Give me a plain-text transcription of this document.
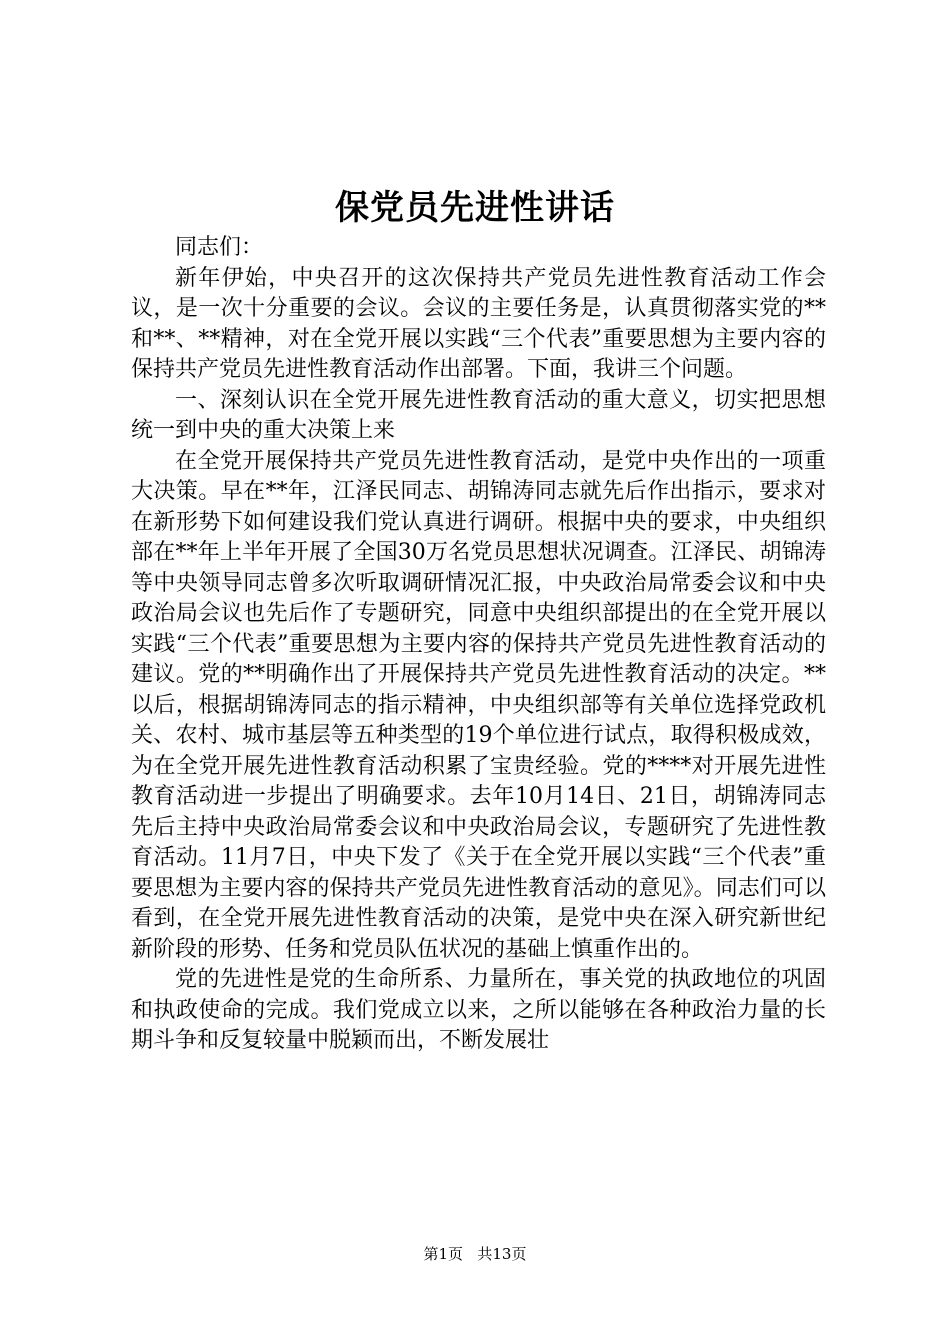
保党员先进性讲话

同志们：

新年伊始，中央召开的这次保持共产党员先进性教育活动工作会议，是一次十分重要的会议。会议的主要任务是，认真贯彻落实党的**和**、**精神，对在全党开展以实践“三个代表”重要思想为主要内容的保持共产党员先进性教育活动作出部署。下面，我讲三个问题。

一、深刻认识在全党开展先进性教育活动的重大意义，切实把思想统一到中央的重大决策上来

在全党开展保持共产党员先进性教育活动，是党中央作出的一项重大决策。早在**年，江泽民同志、胡锦涛同志就先后作出指示，要求对在新形势下如何建设我们党认真进行调研。根据中央的要求，中央组织部在**年上半年开展了全国30万名党员思想状况调查。江泽民、胡锦涛等中央领导同志曾多次听取调研情况汇报，中央政治局常委会议和中央政治局会议也先后作了专题研究，同意中央组织部提出的在全党开展以实践“三个代表”重要思想为主要内容的保持共产党员先进性教育活动的建议。党的**明确作出了开展保持共产党员先进性教育活动的决定。**以后，根据胡锦涛同志的指示精神，中央组织部等有关单位选择党政机关、农村、城市基层等五种类型的19个单位进行试点，取得积极成效，为在全党开展先进性教育活动积累了宝贵经验。党的****对开展先进性教育活动进一步提出了明确要求。去年10月14日、21日，胡锦涛同志先后主持中央政治局常委会议和中央政治局会议，专题研究了先进性教育活动。11月7日，中央下发了《关于在全党开展以实践“三个代表”重要思想为主要内容的保持共产党员先进性教育活动的意见》。同志们可以看到，在全党开展先进性教育活动的决策，是党中央在深入研究新世纪新阶段的形势、任务和党员队伍状况的基础上慎重作出的。

党的先进性是党的生命所系、力量所在，事关党的执政地位的巩固和执政使命的完成。我们党成立以来，之所以能够在各种政治力量的长期斗争和反复较量中脱颖而出，不断发展壮

第1页 共13页
